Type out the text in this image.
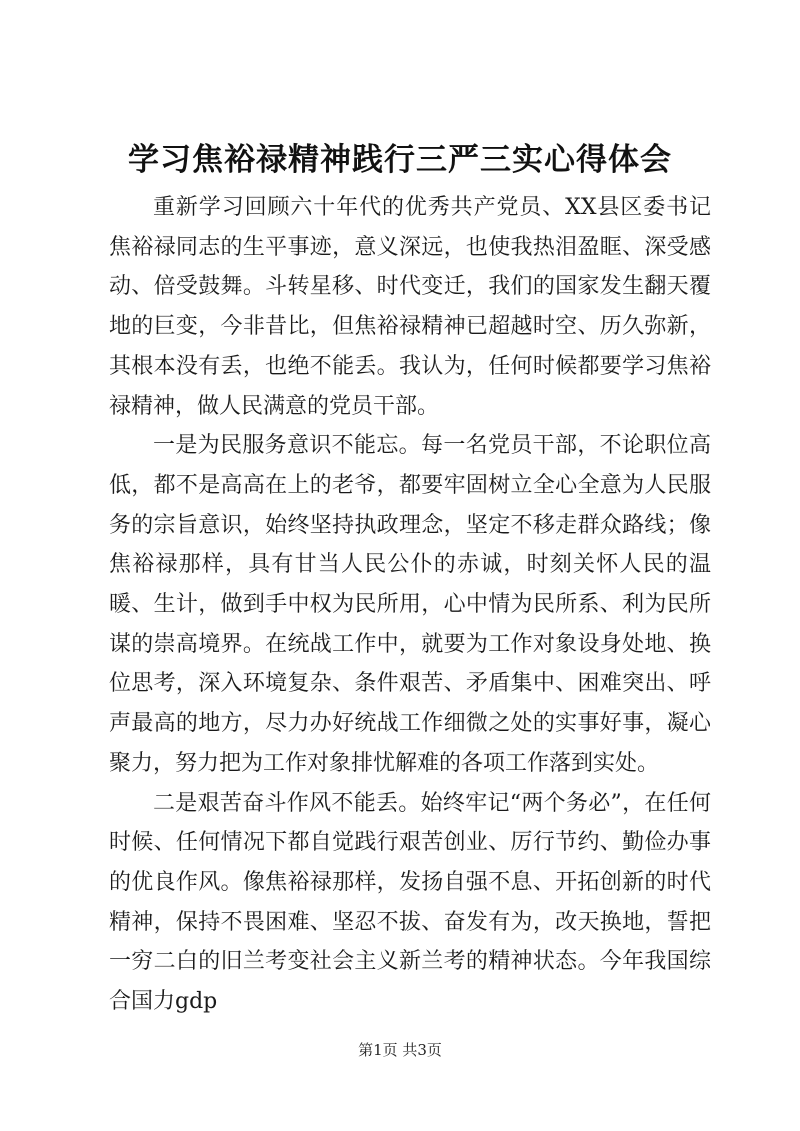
学习焦裕禄精神践行三严三实心得体会

重新学习回顾六十年代的优秀共产党员、XX县区委书记焦裕禄同志的生平事迹，意义深远，也使我热泪盈眶、深受感动、倍受鼓舞。斗转星移、时代变迁，我们的国家发生翻天覆地的巨变，今非昔比，但焦裕禄精神已超越时空、历久弥新，其根本没有丢，也绝不能丢。我认为，任何时候都要学习焦裕禄精神，做人民满意的党员干部。

一是为民服务意识不能忘。每一名党员干部，不论职位高低，都不是高高在上的老爷，都要牢固树立全心全意为人民服务的宗旨意识，始终坚持执政理念，坚定不移走群众路线；像焦裕禄那样，具有甘当人民公仆的赤诚，时刻关怀人民的温暖、生计，做到手中权为民所用，心中情为民所系、利为民所谋的崇高境界。在统战工作中，就要为工作对象设身处地、换位思考，深入环境复杂、条件艰苦、矛盾集中、困难突出、呼声最高的地方，尽力办好统战工作细微之处的实事好事，凝心聚力，努力把为工作对象排忧解难的各项工作落到实处。

二是艰苦奋斗作风不能丢。始终牢记“两个务必”，在任何时候、任何情况下都自觉践行艰苦创业、厉行节约、勤俭办事的优良作风。像焦裕禄那样，发扬自强不息、开拓创新的时代精神，保持不畏困难、坚忍不拔、奋发有为，改天换地，誓把一穷二白的旧兰考变社会主义新兰考的精神状态。今年我国综合国力gdp

第1页 共3页
